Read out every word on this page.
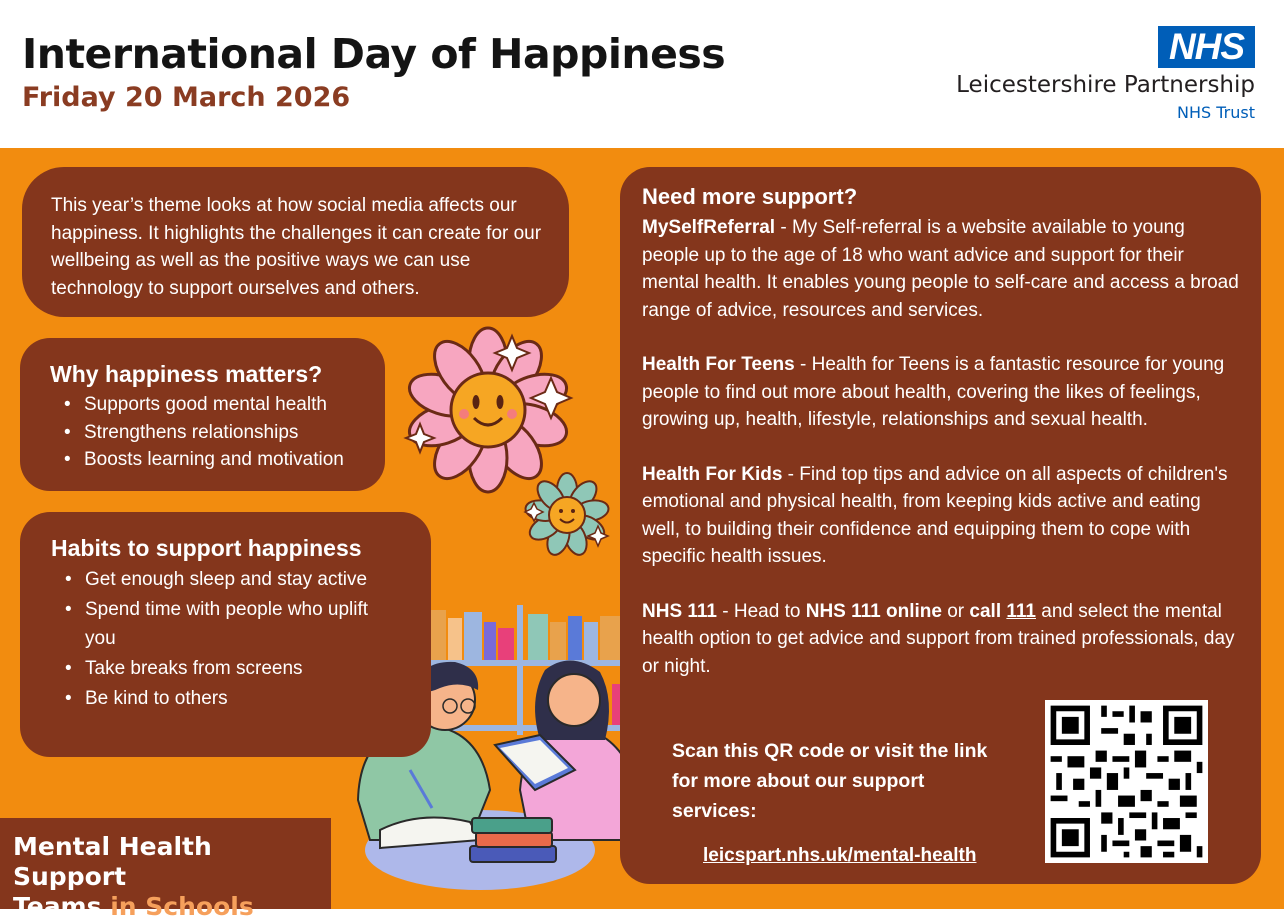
International Day of Happiness
Friday 20 March 2026
NHS
Leicestershire Partnership
NHS Trust
This year’s theme looks at how social media affects our happiness. It highlights the challenges it can create for our wellbeing as well as the positive ways we can use technology to support ourselves and others.
Why happiness matters?
• Supports good mental health
• Strengthens relationships
• Boosts learning and motivation
Habits to support happiness
• Get enough sleep and stay active
• Spend time with people who uplift you
• Take breaks from screens
• Be kind to others
Need more support?

MySelfReferral - My Self-referral is a website available to young people up to the age of 18 who want advice and support for their mental health. It enables young people to self-care and access a broad range of advice, resources and services.

Health For Teens - Health for Teens is a fantastic resource for young people to find out more about health, covering the likes of feelings, growing up, health, lifestyle, relationships and sexual health.

Health For Kids - Find top tips and advice on all aspects of children's emotional and physical health, from keeping kids active and eating well, to building their confidence and equipping them to cope with specific health issues.

NHS 111 - Head to NHS 111 online or call 111 and select the mental health option to get advice and support from trained professionals, day or night.

Scan this QR code or visit the link for more about our support services:
leicspart.nhs.uk/mental-health
Mental Health Support
Teams in Schools
